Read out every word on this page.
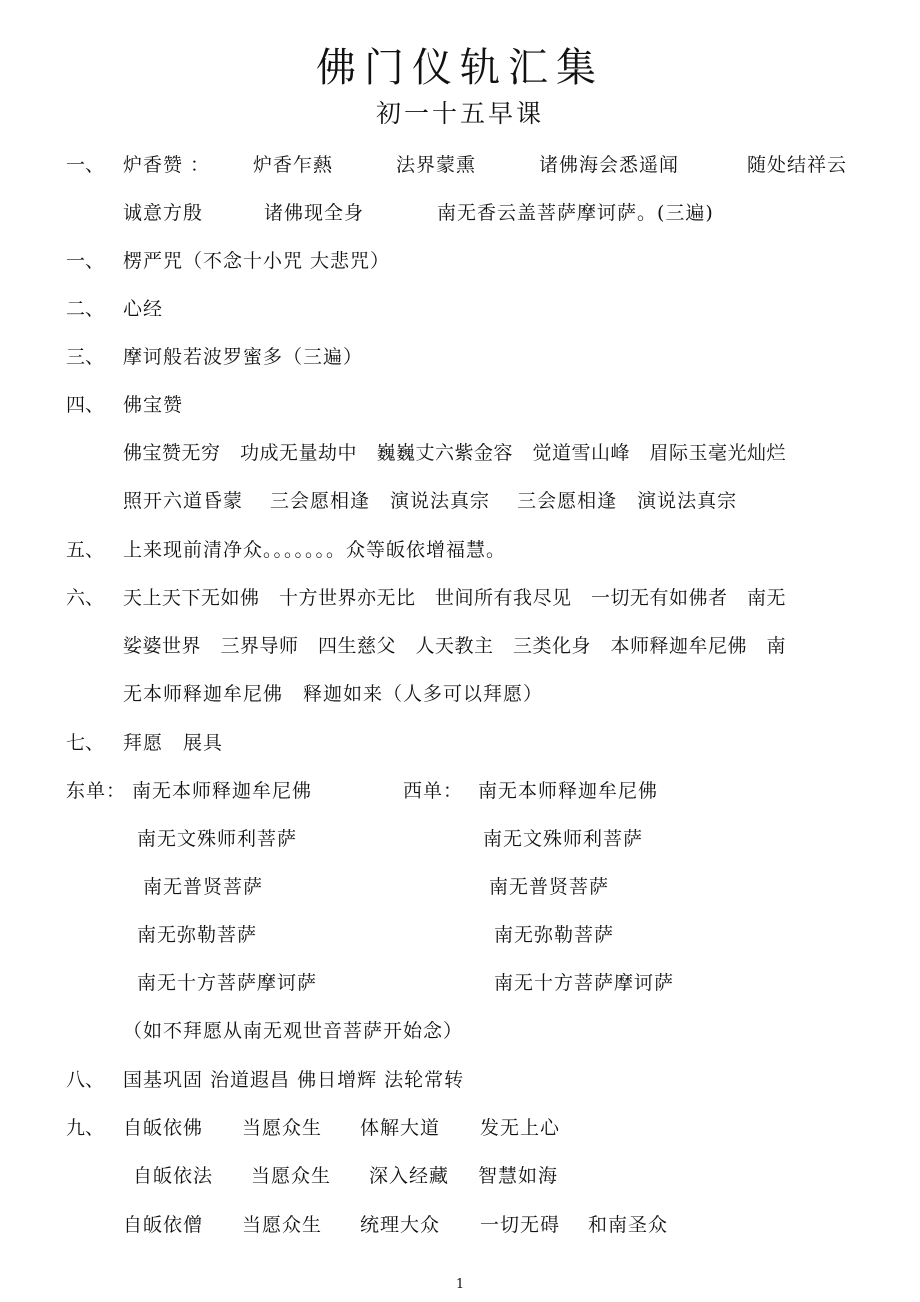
佛门仪轨汇集
初一十五早课
一、 炉香赞 ： 炉香乍爇	法界蒙熏	诸佛海会悉遥闻	随处结祥云
诚意方殷	诸佛现全身	南无香云盖菩萨摩诃萨。(三遍)
一、 楞严咒（不念十小咒 大悲咒）
二、 心经
三、 摩诃般若波罗蜜多（三遍）
四、 佛宝赞
佛宝赞无穷　功成无量劫中　巍巍丈六紫金容　觉道雪山峰　眉际玉毫光灿烂
照开六道昏蒙　 三会愿相逢　演说法真宗　 三会愿相逢　演说法真宗
五、 上来现前清净众。。。。。。。众等皈依增福慧。
六、 天上天下无如佛　十方世界亦无比　世间所有我尽见　一切无有如佛者　南无
娑婆世界　三界导师　四生慈父　人天教主　三类化身　本师释迦牟尼佛　南
无本师释迦牟尼佛　释迦如来（人多可以拜愿）
七、 拜愿　展具
东单： 南无本师释迦牟尼佛	西单： 南无本师释迦牟尼佛
南无文殊师利菩萨	南无文殊师利菩萨
南无普贤菩萨	南无普贤菩萨
南无弥勒菩萨	南无弥勒菩萨
南无十方菩萨摩诃萨	南无十方菩萨摩诃萨
（如不拜愿从南无观世音菩萨开始念）
八、 国基巩固 治道遐昌 佛日增辉 法轮常转
九、 自皈依佛 当愿众生 体解大道 发无上心
自皈依法 当愿众生 深入经藏 智慧如海
自皈依僧 当愿众生 统理大众 一切无碍 和南圣众
1
